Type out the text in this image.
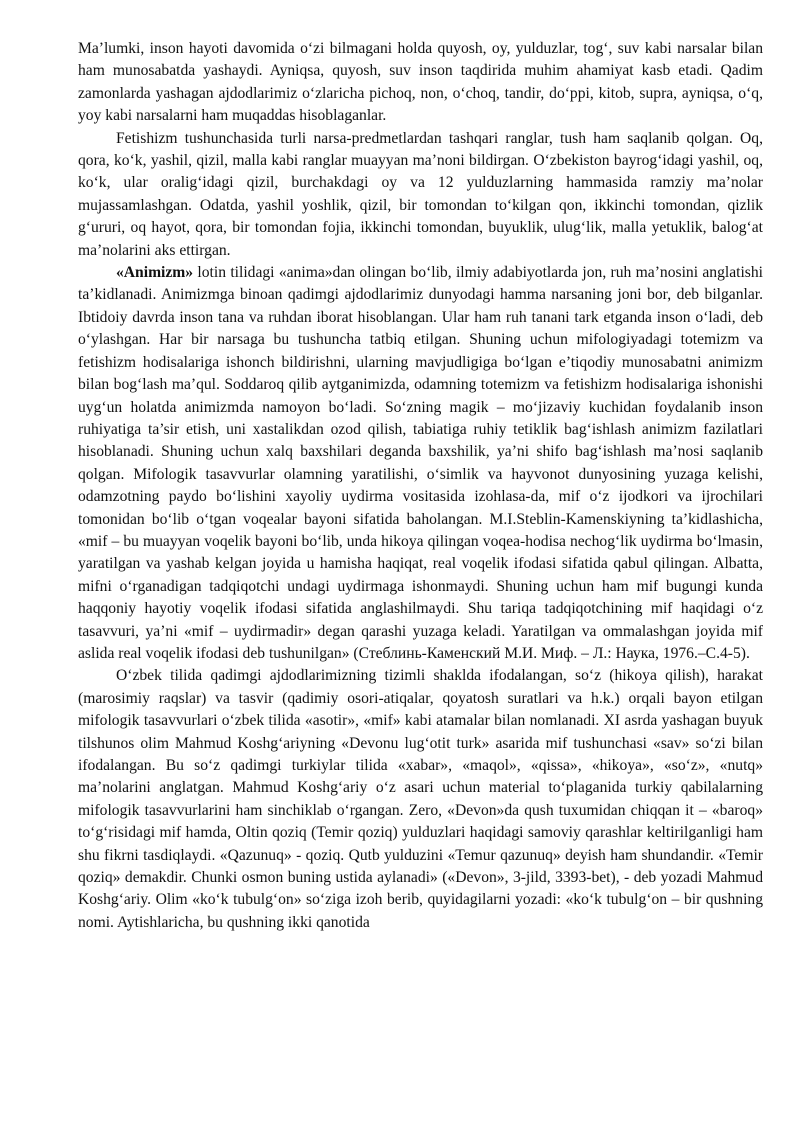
Ma’lumki, inson hayoti davomida o‘zi bilmagani holda quyosh, oy, yulduzlar, tog‘, suv kabi narsalar bilan ham munosabatda yashaydi. Ayniqsa, quyosh, suv inson taqdirida muhim ahamiyat kasb etadi. Qadim zamonlarda yashagan ajdodlarimiz o‘zlaricha pichoq, non, o‘choq, tandir, do‘ppi, kitob, supra, ayniqsa, o‘q, yoy kabi narsalarni ham muqaddas hisoblaganlar.

Fetishizm tushunchasida turli narsa-predmetlardan tashqari ranglar, tush ham saqlanib qolgan. Oq, qora, ko‘k, yashil, qizil, malla kabi ranglar muayyan ma’noni bildirgan. O‘zbekiston bayrog‘idagi yashil, oq, ko‘k, ular oralig‘idagi qizil, burchakdagi oy va 12 yulduzlarning hammasida ramziy ma’nolar mujassamlashgan. Odatda, yashil yoshlik, qizil, bir tomondan to‘kilgan qon, ikkinchi tomondan, qizlik g‘ururi, oq hayot, qora, bir tomondan fojia, ikkinchi tomondan, buyuklik, ulug‘lik, malla yetuklik, balog‘at ma’nolarini aks ettirgan.

«Animizm» lotin tilidagi «anima»dan olingan bo‘lib, ilmiy adabiyotlarda jon, ruh ma’nosini anglatishi ta’kidlanadi. Animizmga binoan qadimgi ajdodlarimiz dunyodagi hamma narsaning joni bor, deb bilganlar. Ibtidoiy davrda inson tana va ruhdan iborat hisoblangan. Ular ham ruh tanani tark etganda inson o‘ladi, deb o‘ylashgan. Har bir narsaga bu tushuncha tatbiq etilgan. Shuning uchun mifologiyadagi totemizm va fetishizm hodisalariga ishonch bildirishni, ularning mavjudligiga bo‘lgan e’tiqodiy munosabatni animizm bilan bog‘lash ma’qul. Soddaroq qilib aytganimizda, odamning totemizm va fetishizm hodisalariga ishonishi uyg‘un holatda animizmda namoyon bo‘ladi. So‘zning magik – mo‘jizaviy kuchidan foydalanib inson ruhiyatiga ta’sir etish, uni xastalikdan ozod qilish, tabiatiga ruhiy tetiklik bag‘ishlash animizm fazilatlari hisoblanadi. Shuning uchun xalq baxshilari deganda baxshilik, ya’ni shifo bag‘ishlash ma’nosi saqlanib qolgan. Mifologik tasavvurlar olamning yaratilishi, o‘simlik va hayvonot dunyosining yuzaga kelishi, odamzotning paydo bo‘lishini xayoliy uydirma vositasida izohlasa-da, mif o‘z ijodkori va ijrochilari tomonidan bo‘lib o‘tgan voqealar bayoni sifatida baholangan. M.I.Steblin-Kamenskiyning ta’kidlashicha, «mif – bu muayyan voqelik bayoni bo‘lib, unda hikoya qilingan voqea-hodisa nechog‘lik uydirma bo‘lmasin, yaratilgan va yashab kelgan joyida u hamisha haqiqat, real voqelik ifodasi sifatida qabul qilingan. Albatta, mifni o‘rganadigan tadqiqotchi undagi uydirmaga ishonmaydi. Shuning uchun ham mif bugungi kunda haqqoniy hayotiy voqelik ifodasi sifatida anglashilmaydi. Shu tariqa tadqiqotchining mif haqidagi o‘z tasavvuri, ya’ni «mif – uydirmadir» degan qarashi yuzaga keladi. Yaratilgan va ommalashgan joyida mif aslida real voqelik ifodasi deb tushunilgan» (Стеблинь-Каменский М.И. Миф. – Л.: Наука, 1976.–С.4-5).

O‘zbek tilida qadimgi ajdodlarimizning tizimli shaklda ifodalangan, so‘z (hikoya qilish), harakat (marosimiy raqslar) va tasvir (qadimiy osori-atiqalar, qoyatosh suratlari va h.k.) orqali bayon etilgan mifologik tasavvurlari o‘zbek tilida «asotir», «mif» kabi atamalar bilan nomlanadi. XI asrda yashagan buyuk tilshunos olim Mahmud Koshg‘ariyning «Devonu lug‘otit turk» asarida mif tushunchasi «sav» so‘zi bilan ifodalangan. Bu so‘z qadimgi turkiylar tilida «xabar», «maqol», «qissa», «hikoya», «so‘z», «nutq» ma’nolarini anglatgan. Mahmud Koshg‘ariy o‘z asari uchun material to‘plaganida turkiy qabilalarning mifologik tasavvurlarini ham sinchiklab o‘rgangan. Zero, «Devon»da qush tuxumidan chiqqan it – «baroq» to‘g‘risidagi mif hamda, Oltin qoziq (Temir qoziq) yulduzlari haqidagi samoviy qarashlar keltirilganligi ham shu fikrni tasdiqlaydi. «Qazunuq» - qoziq. Qutb yulduzini «Temur qazunuq» deyish ham shundandir. «Temir qoziq» demakdir. Chunki osmon buning ustida aylanadi» («Devon», 3-jild, 3393-bet), - deb yozadi Mahmud Koshg‘ariy. Olim «ko‘k tubulg‘on» so‘ziga izoh berib, quyidagilarni yozadi: «ko‘k tubulg‘on – bir qushning nomi. Aytishlaricha, bu qushning ikki qanotida
